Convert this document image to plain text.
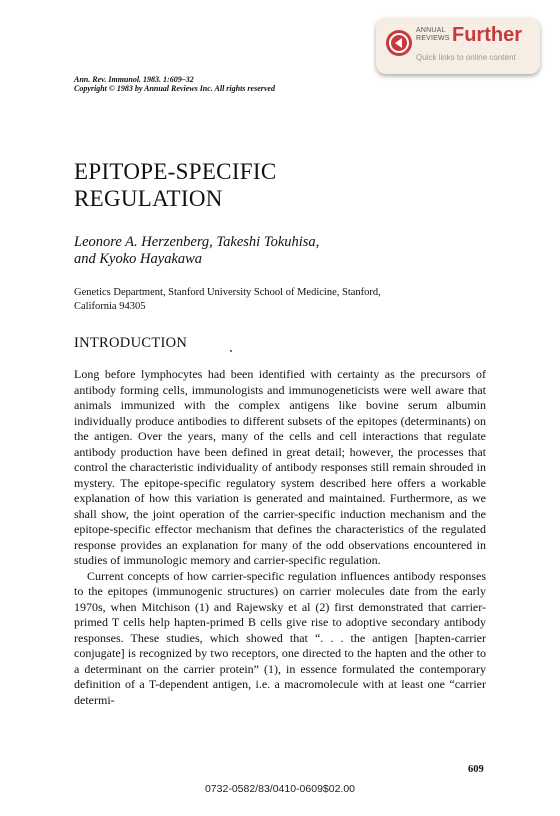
ANNUAL
REVIEWS Further
Quick links to online content
Ann. Rev. Immunol. 1983. 1:609–32
Copyright © 1983 by Annual Reviews Inc. All rights reserved
EPITOPE-SPECIFIC
REGULATION
Leonore A. Herzenberg, Takeshi Tokuhisa,
and Kyoko Hayakawa
Genetics Department, Stanford University School of Medicine, Stanford,
California 94305
INTRODUCTION

Long before lymphocytes had been identified with certainty as the precursors of antibody forming cells, immunologists and immunogeneticists were well aware that animals immunized with the complex antigens like bovine serum albumin individually produce antibodies to different subsets of the epitopes (determinants) on the antigen. Over the years, many of the cells and cell interactions that regulate antibody production have been defined in great detail; however, the processes that control the characteristic individuality of antibody responses still remain shrouded in mystery. The epitope-specific regulatory system described here offers a workable explanation of how this variation is generated and maintained. Furthermore, as we shall show, the joint operation of the carrier-specific induction mechanism and the epitope-specific effector mechanism that defines the characteristics of the regulated response provides an explanation for many of the odd observations encountered in studies of immunologic memory and carrier-specific regulation.

Current concepts of how carrier-specific regulation influences antibody responses to the epitopes (immunogenic structures) on carrier molecules date from the early 1970s, when Mitchison (1) and Rajewsky et al (2) first demonstrated that carrier-primed T cells help hapten-primed B cells give rise to adoptive secondary antibody responses. These studies, which showed that “. . . the antigen [hapten-carrier conjugate] is recognized by two receptors, one directed to the hapten and the other to a determinant on the carrier protein” (1), in essence formulated the contemporary definition of a T-dependent antigen, i.e. a macromolecule with at least one “carrier determi-

609
0732-0582/83/0410-0609$02.00
